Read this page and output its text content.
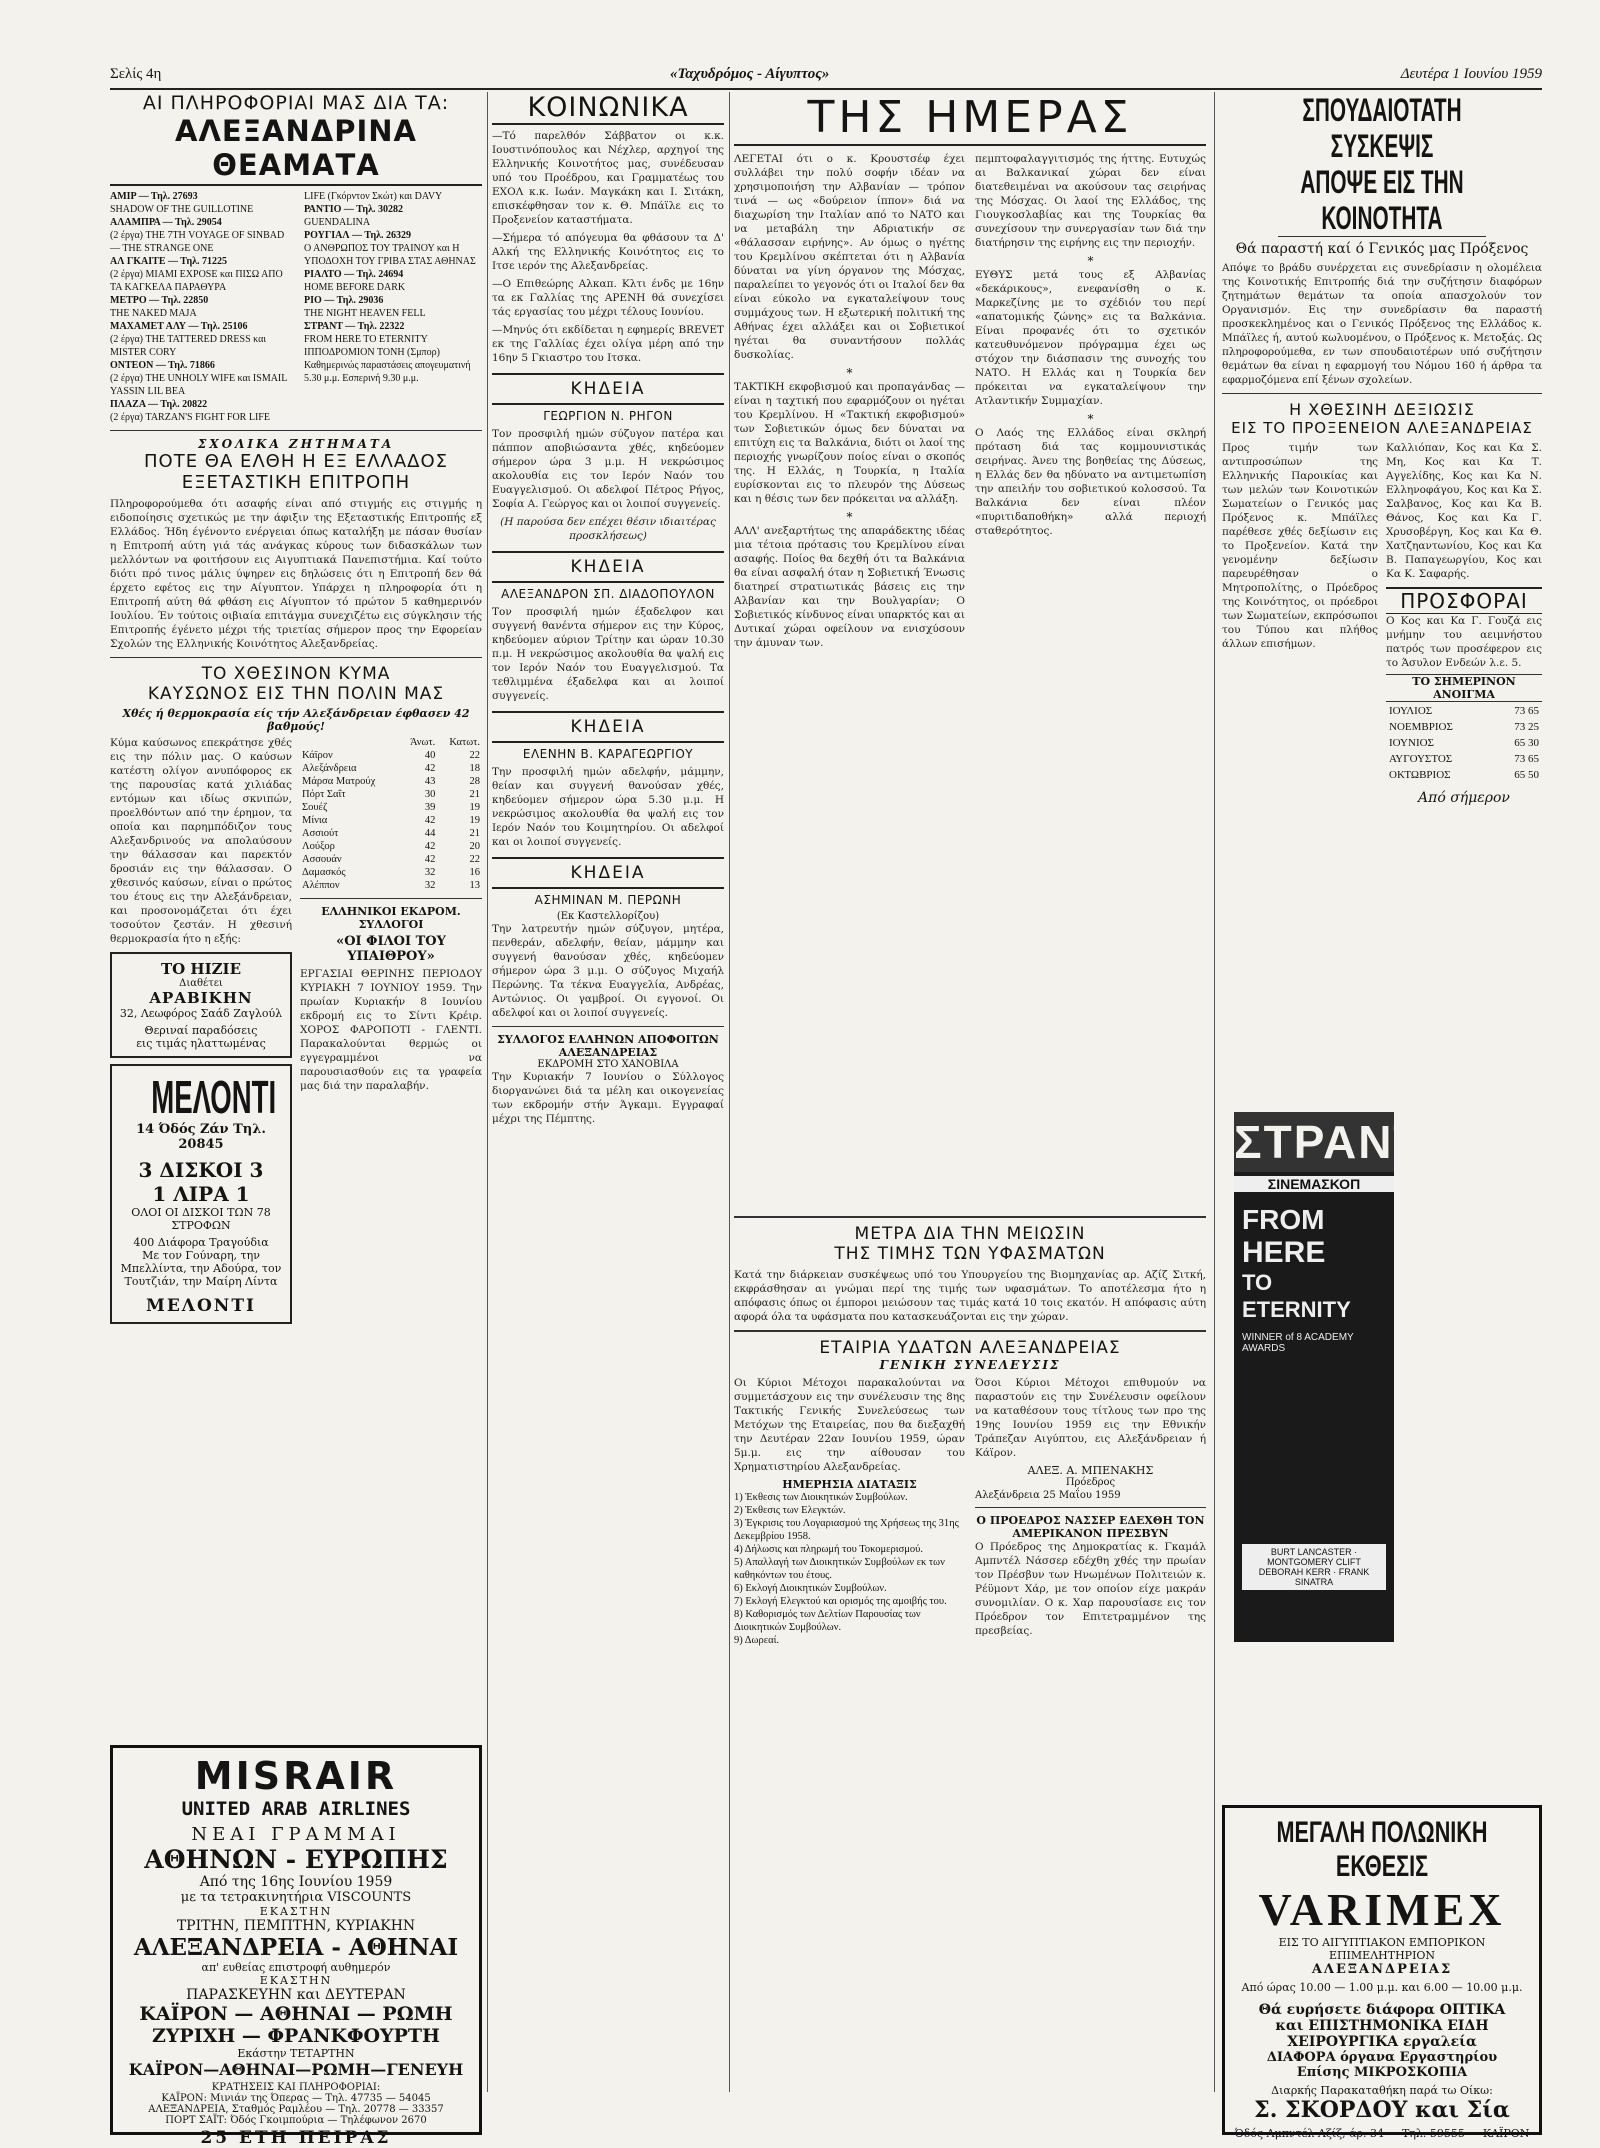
Σελίς 4η	«Ταχυδρόμος - Αίγυπτος»	Δευτέρα 1 Ιουνίου 1959
ΑΙ ΠΛΗΡΟΦΟΡΙΑΙ ΜΑΣ ΔΙΑ ΤΑ:
ΑΛΕΞΑΝΔΡΙΝΑ ΘΕΑΜΑΤΑ
ΑΜΙΡ — Τηλ. 27693
SHADOW OF THE GUILLOTINE
ΑΛΑΜΠΡΑ — Τηλ. 29054
(2 έργα) THE 7TH VOYAGE OF SINBAD — THE STRANGE ONE
ΑΛ ΓΚΑΙΤΕ — Τηλ. 71225
(2 έργα) MIAMI EXPOSE και ΠΙΣΩ ΑΠΟ ΤΑ ΚΑΓΚΕΛΑ ΠΑΡΑΘΥΡΑ
ΜΕΤΡΟ — Τηλ. 22850
THE NAKED MAJA
ΜΑΧΑΜΕΤ ΑΛΥ — Τηλ. 25106
(2 έργα) THE TATTERED DRESS και MISTER CORY
ΟΝΤΕΟΝ — Τηλ. 71866
(2 έργα) THE UNHOLY WIFE και ISMAIL YASSIN LIL BEA
ΠΛΑΖΑ — Τηλ. 20822
(2 έργα) TARZAN'S FIGHT FOR LIFE
LIFE (Γκόρντον Σκώτ) και DAVY
ΡΑΝΤΙΟ — Τηλ. 30282
GUENDALINA
ΡΟΥΓΙΑΛ — Τηλ. 26329
Ο ΑΝΘΡΩΠΟΣ ΤΟΥ ΤΡΑΙΝΟΥ και Η ΥΠΟΔΟΧΗ ΤΟΥ ΓΡΙΒΑ ΣΤΑΣ ΑΘΗΝΑΣ
ΡΙΑΛΤΟ — Τηλ. 24694
HOME BEFORE DARK
ΡΙΟ — Τηλ. 29036
THE NIGHT HEAVEN FELL
ΣΤΡΑΝΤ — Τηλ. 22322
FROM HERE TO ETERNITY
ΙΠΠΟΔΡΟΜΙΟΝ ΤΟΝΗ (Σμπορ)
Καθημερινώς παραστάσεις απογευματινή 5.30 μ.μ. Εσπερινή 9.30 μ.μ.
ΣΧΟΛΙΚΑ ΖΗΤΗΜΑΤΑ
ΠΟΤΕ ΘΑ ΕΛΘΗ Η ΕΞ ΕΛΛΑΔΟΣ
ΕΞΕΤΑΣΤΙΚΗ ΕΠΙΤΡΟΠΗ

Πληροφορούμεθα ότι ασαφής είναι από στιγμής εις στιγμής η ειδοποίησις σχετικώς με την άφιξιν της Εξεταστικής Επιτροπής εξ Ελλάδος. Ήδη έγένοντο ενέργειαι όπως καταλήξη με πάσαν θυσίαν η Επιτροπή αύτη γιά τάς ανάγκας κύρους των διδασκάλων των μελλόντων να φοιτήσουν εις Αιγυπτιακά Πανεπιστήμια. Καί τούτο διότι πρό τινος μάλις ύψηρεν εις δηλώσεις ότι η Επιτροπή δεν θά έρχετο εφέτος εις την Αίγυπτον. Υπάρχει η πληροφορία ότι η Επιτροπή αύτη θά φθάση εις Αίγυπτον τό πρώτον 5 καθημερινόν Ιουλίου. Έν τούτοις οιβιαία επιτάγμα συνεχιζέτω εις σύγκλησιν τής Επιτροπής έγένετο μέχρι τής τριετίας σήμερον προς την Εφορείαν Σχολών της Ελληνικής Κοινότητος Αλεξανδρείας.

ΤΟ ΧΘΕΣΙΝΟΝ ΚΥΜΑ
ΚΑΥΣΩΝΟΣ ΕΙΣ ΤΗΝ ΠΟΛΙΝ ΜΑΣ
Χθές ή θερμοκρασία είς τήν Αλεξάνδρειαν έφθασεν 42 βαθμούς!

Κύμα καύσωνος επεκράτησε χθές εις την πόλιν μας. Ο καύσων κατέστη ολίγον ανυπόφορος εκ της παρουσίας κατά χιλιάδας εντόμων και ιδίως σκνιπών, προελθόντων από την έρημον, τα οποία και παρημπόδιζον τους Αλεξανδρινούς να απολαύσουν την θάλασσαν και παρεκτόν δροσιάν εις την θάλασσαν. Ο χθεσινός καύσων, είναι ο πρώτος του έτους εις την Αλεξάνδρειαν, και προσονομάζεται ότι έχει τοσούτον ζεστάν. Η χθεσινή θερμοκρασία ήτο η εξής:

ΤΟ ΗΙΖΙΕ
Διαθέτει
ΑΡΑΒΙΚΗΝ
32, Λεωφόρος Σαάδ Ζαγλούλ
Θεριναί παραδόσεις
εις τιμάς ηλαττωμένας
ΜΕΛΟΝΤΙ
14 Όδός Ζάν Τηλ. 20845
3 ΔΙΣΚΟΙ 3
1 ΛΙΡΑ 1
ΟΛΟΙ ΟΙ ΔΙΣΚΟΙ ΤΩΝ 78 ΣΤΡΟΦΩΝ
400 Διάφορα Τραγούδια
Με τον Γούναρη, την Μπελλίντα, την Αδούρα, τον Τουτζιάν, την Μαίρη Λίντα
ΜΕΛΟΝΤΙ
	Άνωτ.	Κατωτ.
Κάϊρον	40	22
Αλεξάνδρεια	42	18
Μάρσα Ματρούχ	43	28
Πόρτ Σαΐτ	30	21
Σουέζ	39	19
Μίνια	42	19
Ασσιούτ	44	21
Λούξορ	42	20
Ασσουάν	42	22
Δαμασκός	32	16
Αλέππον	32	13
ΕΛΛΗΝΙΚΟΙ ΕΚΔΡΟΜ. ΣΥΛΛΟΓΟΙ
«ΟΙ ΦΙΛΟΙ ΤΟΥ ΥΠΑΙΘΡΟΥ»

ΕΡΓΑΣΙΑΙ ΘΕΡΙΝΗΣ ΠΕΡΙΟΔΟΥ ΚΥΡΙΑΚΗ 7 ΙΟΥΝΙΟΥ 1959. Την πρωίαν Κυριακήν 8 Ιουνίου εκδρομή εις το Σίντι Κρέιρ. ΧΟΡΟΣ ΦΑΡΟΠΟΤΙ - ΓΛΕΝΤΙ. Παρακαλούνται θερμώς οι εγγεγραμμένοι να παρουσιασθούν εις τα γραφεία μας διά την παραλαβήν.

MISRAIR
UNITED ARAB AIRLINES
ΝΕΑΙ ΓΡΑΜΜΑΙ
ΑΘΗΝΩΝ - ΕΥΡΩΠΗΣ
Από της 16ης Ιουνίου 1959
με τα τετρακινητήρια VISCOUNTS
ΕΚΑΣΤΗΝ
ΤΡΙΤΗΝ, ΠΕΜΠΤΗΝ, ΚΥΡΙΑΚΗΝ
ΑΛΕΞΑΝΔΡΕΙΑ - ΑΘΗΝΑΙ
απ' ευθείας επιστροφή αυθημερόν
ΕΚΑΣΤΗΝ
ΠΑΡΑΣΚΕΥΗΝ και ΔΕΥΤΕΡΑΝ
ΚΑΪΡΟΝ — ΑΘΗΝΑΙ — ΡΩΜΗ
ΖΥΡΙΧΗ — ΦΡΑΝΚΦΟΥΡΤΗ
Εκάστην ΤΕΤΑΡΤΗΝ
ΚΑΪΡΟΝ—ΑΘΗΝΑΙ—ΡΩΜΗ—ΓΕΝΕΥΗ
ΚΡΑΤΗΣΕΙΣ ΚΑΙ ΠΛΗΡΟΦΟΡΙΑΙ:
ΚΑΪΡΟΝ: Μινιάν της Όπερας — Τηλ. 47735 — 54045
ΑΛΕΞΑΝΔΡΕΙΑ, Σταθμός Ραμλέου — Τηλ. 20778 — 33357
ΠΟΡΤ ΣΑΪΤ: Όδός Γκοιμπούρια — Τηλέφωνον 2670
25 ΕΤΗ ΠΕΙΡΑΣ
ΚΟΙΝΩΝΙΚΑ

—Τό παρελθόν Σάββατον οι κ.κ. Ιουστινόπουλος και Νέχλερ, αρχηγοί της Ελληνικής Κοινοτήτος μας, συνέδευσαν υπό του Προέδρου, και Γραμματέως του ΕΧΟΛ κ.κ. Ιωάν. Μαγκάκη και Ι. Σιτάκη, επισκέφθησαν τον κ. Θ. Μπάϊλε εις το Προξενείον καταστήματα.

—Σήμερα τό απόγευμα θα φθάσουν τα Δ' Αλκή της Ελληνικής Κοινότητος εις το Ιτσε ιερόν της Αλεξανδρείας.

—Ο Επιθεώρης Αλκαπ. Κλτι ένδς με 16ην τα εκ Γαλλίας της ΑΡΕΝΗ θά συνεχίσει τάς εργασίας του μέχρι τέλους Ιουνίου.

—Μηνύς ότι εκδίδεται η εφημερίς BREVET εκ της Γαλλίας έχει ολίγα μέρη από την 16ην 5 Γκιαστρο του Ιτσκα.

ΚΗΔΕΙΑ
ΓΕΩΡΓΙΟΝ Ν. ΡΗΓΟΝ

Τον προσφιλή ημών σύζυγον πατέρα και πάππον αποβιώσαντα χθές, κηδεύομεν σήμερον ώρα 3 μ.μ. Η νεκρώσιμος ακολουθία εις τον Ιερόν Ναόν του Ευαγγελισμού. Οι αδελφοί Πέτρος Ρήγος, Σοφία Α. Γεώργος και οι λοιποί συγγενείς.

(Η παρούσα δεν επέχει θέσιν ιδιαιτέρας προσκλήσεως)

ΚΗΔΕΙΑ
ΑΛΕΞΑΝΔΡΟΝ ΣΠ. ΔΙΑΔΟΠΟΥΛΟΝ

Τον προσφιλή ημών έξαδελφον και συγγενή θανέντα σήμερον εις την Κύρος, κηδεύομεν αύριον Τρίτην και ώραν 10.30 π.μ. Η νεκρώσιμος ακολουθία θα ψαλή εις τον Ιερόν Ναόν του Ευαγγελισμού. Τα τεθλιμμένα έξαδελφα και αι λοιποί συγγενείς.

ΚΗΔΕΙΑ
ΕΛΕΝΗΝ Β. ΚΑΡΑΓΕΩΡΓΙΟΥ

Την προσφιλή ημών αδελφήν, μάμμην, θείαν και συγγενή θανούσαν χθές, κηδεύομεν σήμερον ώρα 5.30 μ.μ. Η νεκρώσιμος ακολουθία θα ψαλή εις τον Ιερόν Ναόν του Κοιμητηρίου. Οι αδελφοί και οι λοιποί συγγενείς.

ΚΗΔΕΙΑ
ΑΣΗΜΙΝΑΝ Μ. ΠΕΡΩΝΗ
(Εκ Καστελλορίζου)

Την λατρευτήν ημών σύζυγον, μητέρα, πενθεράν, αδελφήν, θείαν, μάμμην και συγγενή θανούσαν χθές, κηδεύομεν σήμερον ώρα 3 μ.μ. Ο σύζυγος Μιχαήλ Περώνης. Τα τέκνα Ευαγγελία, Ανδρέας, Αντώνιος. Οι γαμβροί. Οι εγγονοί. Οι αδελφοί και οι λοιποί συγγενείς.

ΣΥΛΛΟΓΟΣ ΕΛΛΗΝΩΝ ΑΠΟΦΟΙΤΩΝ ΑΛΕΞΑΝΔΡΕΙΑΣ
ΕΚΔΡΟΜΗ ΣΤΟ ΧΑΝΟΒΙΛΑ

Την Κυριακήν 7 Ιουνίου ο Σύλλογος διοργανώνει διά τα μέλη και οικογενείας των εκδρομήν στήν Άγκαμι. Εγγραφαί μέχρι της Πέμπτης.

ΤΗΣ ΗΜΕΡΑΣ

ΛΕΓΕΤΑΙ ότι ο κ. Κρουστσέφ έχει συλλάβει την πολύ σοφήν ιδέαν να χρησιμοποιήση την Αλβανίαν — τρόπον τινά — ως «δούρειον ίππον» διά να διαχωρίση την Ιταλίαν από το ΝΑΤΟ και να μεταβάλη την Αδριατικήν σε «θάλασσαν ειρήνης». Αν όμως ο ηγέτης του Κρεμλίνου σκέπτεται ότι η Αλβανία δύναται να γίνη όργανον της Μόσχας, παραλείπει το γεγονός ότι οι Ιταλοί δεν θα είναι εύκολο να εγκαταλείψουν τους συμμάχους των. Η εξωτερική πολιτική της Αθήνας έχει αλλάξει και οι Σοβιετικοί ηγέται θα συναντήσουν πολλάς δυσκολίας.

*

ΤΑΚΤΙΚΗ εκφοβισμού και προπαγάνδας — είναι η ταχτική που εφαρμόζουν οι ηγέται του Κρεμλίνου. Η «Τακτική εκφοβισμού» των Σοβιετικών όμως δεν δύναται να επιτύχη εις τα Βαλκάνια, διότι οι λαοί της περιοχής γνωρίζουν ποίος είναι ο σκοπός της. Η Ελλάς, η Τουρκία, η Ιταλία ευρίσκονται εις το πλευρόν της Δύσεως και η θέσις των δεν πρόκειται να αλλάξη.

*

ΑΛΛ' ανεξαρτήτως της απαράδεκτης ιδέας μια τέτοια πρότασις του Κρεμλίνου είναι ασαφής. Ποίος θα δεχθή ότι τα Βαλκάνια θα είναι ασφαλή όταν η Σοβιετική Ένωσις διατηρεί στρατιωτικάς βάσεις εις την Αλβανίαν και την Βουλγαρίαν; Ο Σοβιετικός κίνδυνος είναι υπαρκτός και αι Δυτικαί χώραι οφείλουν να ενισχύσουν την άμυναν των.

πεμπτοφαλαγγιτισμός της ήττης. Ευτυχώς αι Βαλκανικαί χώραι δεν είναι διατεθειμέναι να ακούσουν τας σειρήνας της Μόσχας. Οι λαοί της Ελλάδος, της Γιουγκοσλαβίας και της Τουρκίας θα συνεχίσουν την συνεργασίαν των διά την διατήρησιν της ειρήνης εις την περιοχήν.

*

ΕΥΘΥΣ μετά τους εξ Αλβανίας «δεκάρικους», ενεφανίσθη ο κ. Μαρκεζίνης με το σχέδιόν του περί «απατομικής ζώνης» εις τα Βαλκάνια. Είναι προφανές ότι το σχετικόν κατευθυνόμενον πρόγραμμα έχει ως στόχον την διάσπασιν της συνοχής του ΝΑΤΟ. Η Ελλάς και η Τουρκία δεν πρόκειται να εγκαταλείψουν την Ατλαντικήν Συμμαχίαν.

*

Ο Λαός της Ελλάδος είναι σκληρή πρόταση διά τας κομμουνιστικάς σειρήνας. Άνευ της βοηθείας της Δύσεως, η Ελλάς δεν θα ηδύνατο να αντιμετωπίση την απειλήν του σοβιετικού κολοσσού. Τα Βαλκάνια δεν είναι πλέον «πυριτιδαποθήκη» αλλά περιοχή σταθερότητος.

ΜΕΤΡΑ ΔΙΑ ΤΗΝ ΜΕΙΩΣΙΝ
ΤΗΣ ΤΙΜΗΣ ΤΩΝ ΥΦΑΣΜΑΤΩΝ

Κατά την διάρκειαν συσκέψεως υπό του Υπουργείου της Βιομηχανίας αρ. Αζίζ Σιτκή, εκφράσθησαν αι γνώμαι περί της τιμής των υφασμάτων. Το αποτέλεσμα ήτο η απόφασις όπως οι έμποροι μειώσουν τας τιμάς κατά 10 τοις εκατόν. Η απόφασις αύτη αφορά όλα τα υφάσματα που κατασκευάζονται εις την χώραν.

ΕΤΑΙΡΙΑ ΥΔΑΤΩΝ ΑΛΕΞΑΝΔΡΕΙΑΣ
ΓΕΝΙΚΗ ΣΥΝΕΛΕΥΣΙΣ

Οι Κύριοι Μέτοχοι παρακαλούνται να συμμετάσχουν εις την συνέλευσιν της 8ης Τακτικής Γενικής Συνελεύσεως των Μετόχων της Εταιρείας, που θα διεξαχθή την Δευτέραν 22αν Ιουνίου 1959, ώραν 5μ.μ. εις την αίθουσαν του Χρηματιστηρίου Αλεξανδρείας.

ΗΜΕΡΗΣΙΑ ΔΙΑΤΑΞΙΣ

1) Έκθεσις των Διοικητικών Συμβούλων.

2) Έκθεσις των Ελεγκτών.

3) Έγκρισις του Λογαριασμού της Χρήσεως της 31ης Δεκεμβρίου 1958.

4) Δήλωσις και πληρωμή του Τοκομερισμού.

5) Απαλλαγή των Διοικητικών Συμβούλων εκ των καθηκόντων του έτους.

6) Εκλογή Διοικητικών Συμβούλων.

7) Εκλογή Ελεγκτού και ορισμός της αμοιβής του.

8) Καθορισμός των Δελτίων Παρουσίας των Διοικητικών Συμβούλων.

9) Δωρεαί.

Όσοι Κύριοι Μέτοχοι επιθυμούν να παραστούν εις την Συνέλευσιν οφείλουν να καταθέσουν τους τίτλους των προ της 19ης Ιουνίου 1959 εις την Εθνικήν Τράπεζαν Αιγύπτου, εις Αλεξάνδρειαν ή Κάϊρον.

ΑΛΕΞ. Α. ΜΠΕΝΑΚΗΣ
Πρόεδρος
Αλεξάνδρεια 25 Μαΐου 1959
Ο ΠΡΟΕΔΡΟΣ ΝΑΣΣΕΡ ΕΔΕΧΘΗ ΤΟΝ ΑΜΕΡΙΚΑΝΟΝ ΠΡΕΣΒΥΝ

Ο Πρόεδρος της Δημοκρατίας κ. Γκαμάλ Αμπντέλ Νάσσερ εδέχθη χθές την πρωίαν τον Πρέσβυν των Ηνωμένων Πολιτειών κ. Ρέϋμοντ Χάρ, με τον οποίον είχε μακράν συνομιλίαν. Ο κ. Χαρ παρουσίασε εις τον Πρόεδρον τον Επιτετραμμένον της πρεσβείας.

ΣΠΟΥΔΑΙΟΤΑΤΗ ΣΥΣΚΕΨΙΣ
ΑΠΟΨΕ ΕΙΣ ΤΗΝ ΚΟΙΝΟΤΗΤΑ
Θά παραστή καί ό Γενικός μας Πρόξενος

Απόψε το βράδυ συνέρχεται εις συνεδρίασιν η ολομέλεια της Κοινοτικής Επιτροπής διά την συζήτησιν διαφόρων ζητημάτων θεμάτων τα οποία απασχολούν τον Οργανισμόν. Εις την συνεδρίασιν θα παραστή προσκεκλημένος και ο Γενικός Πρόξενος της Ελλάδος κ. Μπάϊλες ή, αυτού κωλυομένου, ο Πρόξενος κ. Μετοξάς. Ως πληροφορούμεθα, εν των σπουδαιοτέρων υπό συζήτησιν θεμάτων θα είναι η εφαρμογή του Νόμου 160 ή άρθρα τα εφαρμοζόμενα επί ξένων σχολείων.

Η ΧΘΕΣΙΝΗ ΔΕΞΙΩΣΙΣ
ΕΙΣ ΤΟ ΠΡΟΞΕΝΕΙΟΝ ΑΛΕΞΑΝΔΡΕΙΑΣ

Προς τιμήν των αντιπροσώπων της Ελληνικής Παροικίας και των μελών των Κοινοτικών Σωματείων ο Γενικός μας Πρόξενος κ. Μπάϊλες παρέθεσε χθές δεξίωσιν εις το Προξενείον. Κατά την γενομένην δεξίωσιν παρευρέθησαν ο Μητροπολίτης, ο Πρόεδρος της Κοινότητος, οι πρόεδροι των Σωματείων, εκπρόσωποι του Τύπου και πλήθος άλλων επισήμων.

Καλλιόπαν, Κος και Κα Σ. Μη, Κος και Κα Τ. Αγγελίδης, Κος και Κα Ν. Ελληνοφάγου, Κος και Κα Σ. Σαλβανος, Κος και Κα Β. Θάνος, Κος και Κα Γ. Χρυσοβέργη, Κος και Κα Θ. Χατζηαντωνίου, Κος και Κα Β. Παπαγεωργίου, Κος και Κα Κ. Σαφαρής.

ΠΡΟΣΦΟΡΑΙ

Ο Κος και Κα Γ. Γουζά εις μνήμην του αειμνήστου πατρός των προσέφερον εις το Άσυλον Ενδεών λ.ε. 5.

ΤΟ ΣΗΜΕΡΙΝΟΝ ΑΝΟΙΓΜΑ
ΙΟΥΛΙΟΣ	73 65
ΝΟΕΜΒΡΙΟΣ	73 25
ΙΟΥΝΙΟΣ	65 30
ΑΥΓΟΥΣΤΟΣ	73 65
ΟΚΤΩΒΡΙΟΣ	65 50
Από σήμερον
ΣΤΡΑΝΤ
ΣΙΝΕΜΑΣΚΟΠ
FROM
HERE
TO
ETERNITY
WINNER of 8 ACADEMY AWARDS
BURT LANCASTER · MONTGOMERY CLIFT DEBORAH KERR · FRANK SINATRA
ΜΕΓΑΛΗ ΠΟΛΩΝΙΚΗ ΕΚΘΕΣΙΣ
VARIMEX
ΕΙΣ ΤΟ ΑΙΓΥΠΤΙΑΚΟΝ ΕΜΠΟΡΙΚΟΝ ΕΠΙΜΕΛΗΤΗΡΙΟΝ
ΑΛΕΞΑΝΔΡΕΙΑΣ
Από ώρας 10.00 — 1.00 μ.μ. και 6.00 — 10.00 μ.μ.
Θά ευρήσετε διάφορα ΟΠΤΙΚΑ
και ΕΠΙΣΤΗΜΟΝΙΚΑ ΕΙΔΗ
ΧΕΙΡΟΥΡΓΙΚΑ εργαλεία
ΔΙΑΦΟΡΑ όργανα Εργαστηρίου
Επίσης ΜΙΚΡΟΣΚΟΠΙΑ
Διαρκής Παρακαταθήκη παρά τω Οίκω:
Σ. ΣΚΟΡΔΟΥ και Σία
Όδός Αμπντέλ Αζίζ, άρ. 34 — Τηλ. 59555 — ΚΑΪΡΟΝ
